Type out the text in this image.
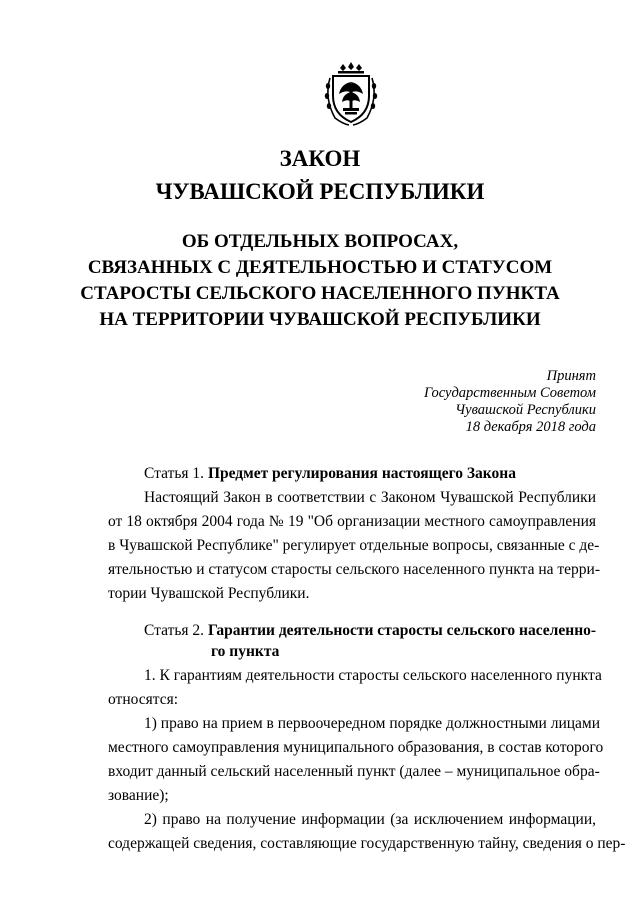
ЗАКОН
ЧУВАШСКОЙ РЕСПУБЛИКИ
ОБ ОТДЕЛЬНЫХ ВОПРОСАХ,
СВЯЗАННЫХ С ДЕЯТЕЛЬНОСТЬЮ И СТАТУСОМ
СТАРОСТЫ СЕЛЬСКОГО НАСЕЛЕННОГО ПУНКТА
НА ТЕРРИТОРИИ ЧУВАШСКОЙ РЕСПУБЛИКИ
Принят
Государственным Советом
Чувашской Республики
18 декабря 2018 года
Статья 1. Предмет регулирования настоящего Закона
Настоящий Закон в соответствии с Законом Чувашской Республики
от 18 октября 2004 года № 19 "Об организации местного самоуправления
в Чувашской Республике" регулирует отдельные вопросы, связанные с де-
ятельностью и статусом старосты сельского населенного пункта на терри-
тории Чувашской Республики.
Статья 2. Гарантии деятельности старосты сельского населенно-
го пункта
1. К гарантиям деятельности старосты сельского населенного пункта
относятся:
1) право на прием в первоочередном порядке должностными лицами
местного самоуправления муниципального образования, в состав которого
входит данный сельский населенный пункт (далее – муниципальное обра-
зование);
2) право на получение информации (за исключением информации,
содержащей сведения, составляющие государственную тайну, сведения о пер-
